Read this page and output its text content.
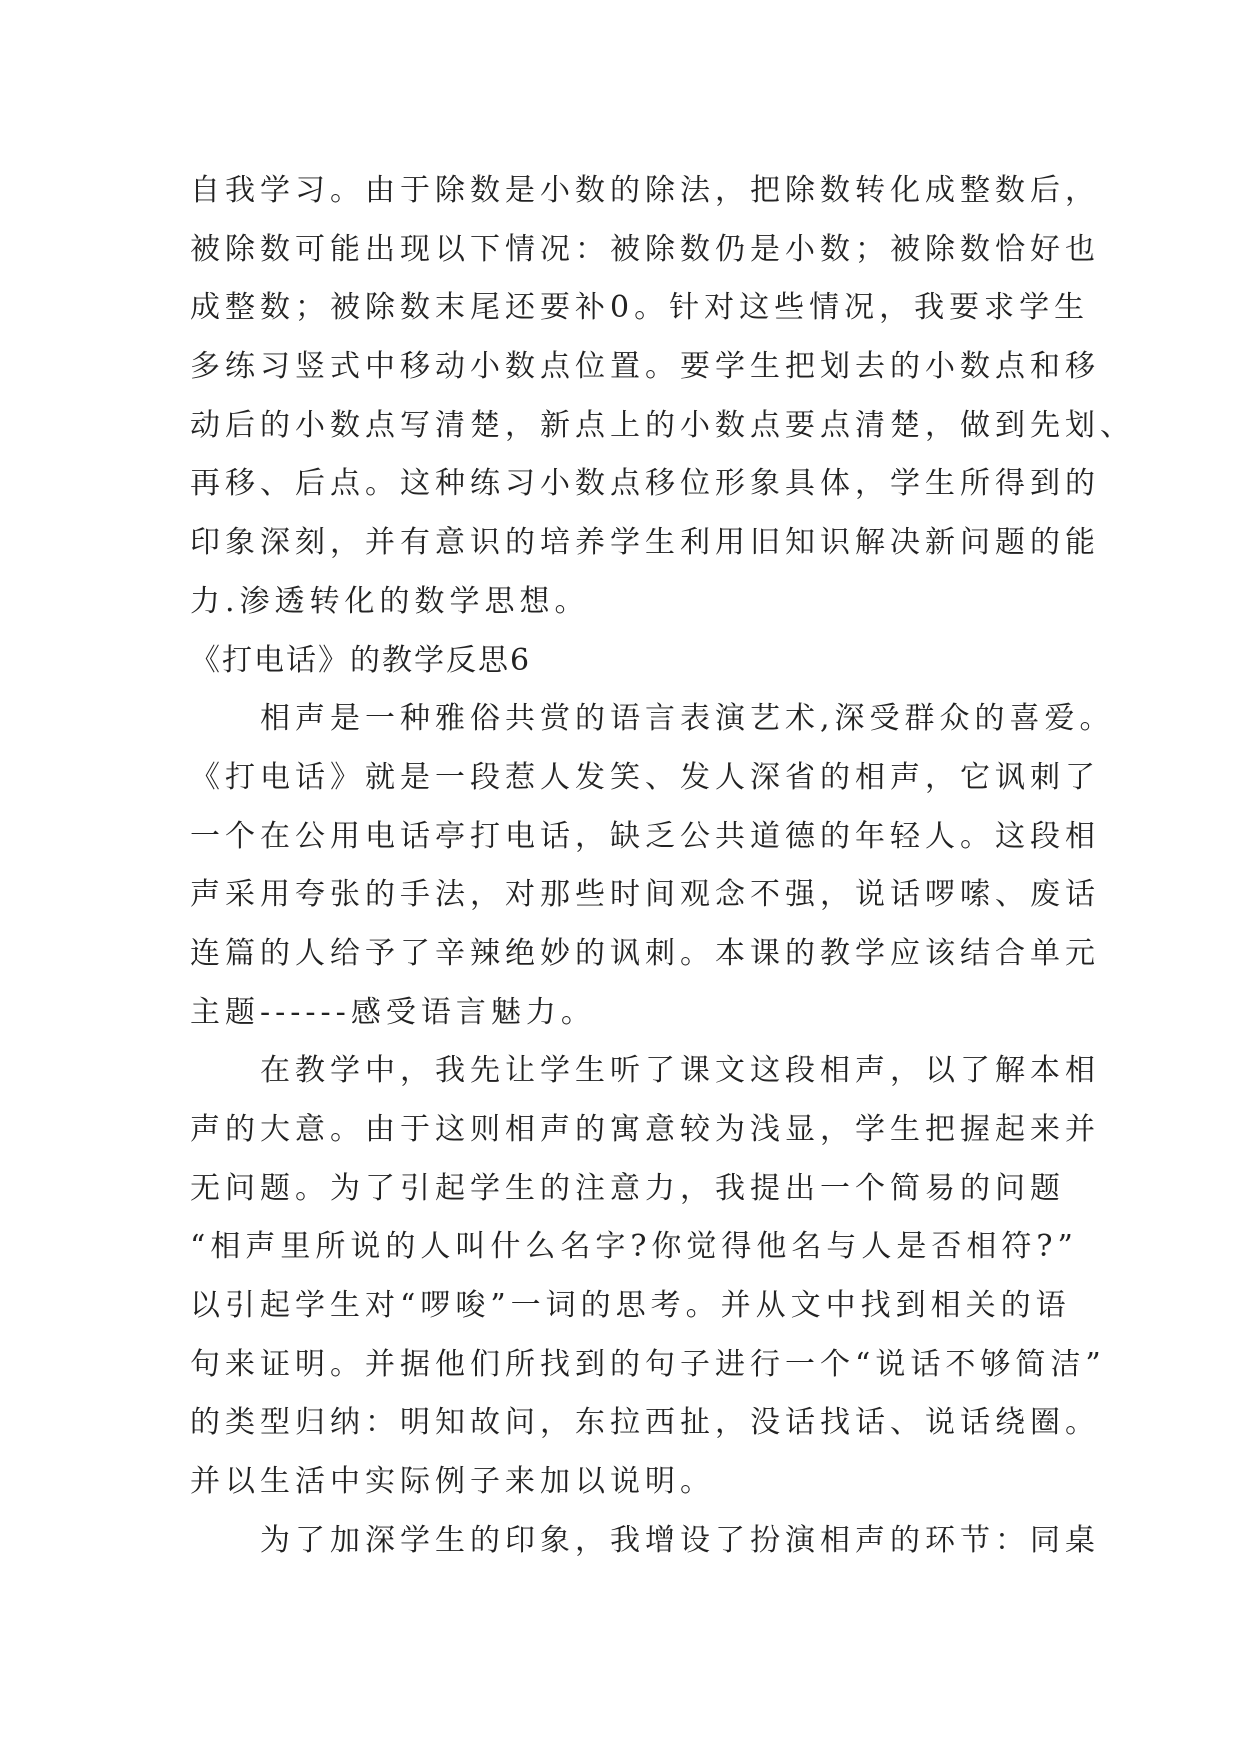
自我学习。由于除数是小数的除法，把除数转化成整数后，
被除数可能出现以下情况：被除数仍是小数；被除数恰好也
成整数；被除数末尾还要补0。针对这些情况，我要求学生
多练习竖式中移动小数点位置。要学生把划去的小数点和移
动后的小数点写清楚，新点上的小数点要点清楚，做到先划、
再移、后点。这种练习小数点移位形象具体，学生所得到的
印象深刻，并有意识的培养学生利用旧知识解决新问题的能
力.渗透转化的数学思想。
《打电话》的教学反思6
相声是一种雅俗共赏的语言表演艺术,深受群众的喜爱。
《打电话》就是一段惹人发笑、发人深省的相声，它讽刺了
一个在公用电话亭打电话，缺乏公共道德的年轻人。这段相
声采用夸张的手法，对那些时间观念不强，说话啰嗦、废话
连篇的人给予了辛辣绝妙的讽刺。本课的教学应该结合单元
主题------感受语言魅力。
在教学中，我先让学生听了课文这段相声，以了解本相
声的大意。由于这则相声的寓意较为浅显，学生把握起来并
无问题。为了引起学生的注意力，我提出一个简易的问题
“相声里所说的人叫什么名字?你觉得他名与人是否相符?”
以引起学生对“啰唆”一词的思考。并从文中找到相关的语
句来证明。并据他们所找到的句子进行一个“说话不够简洁”
的类型归纳：明知故问，东拉西扯，没话找话、说话绕圈。
并以生活中实际例子来加以说明。
为了加深学生的印象，我增设了扮演相声的环节：同桌
